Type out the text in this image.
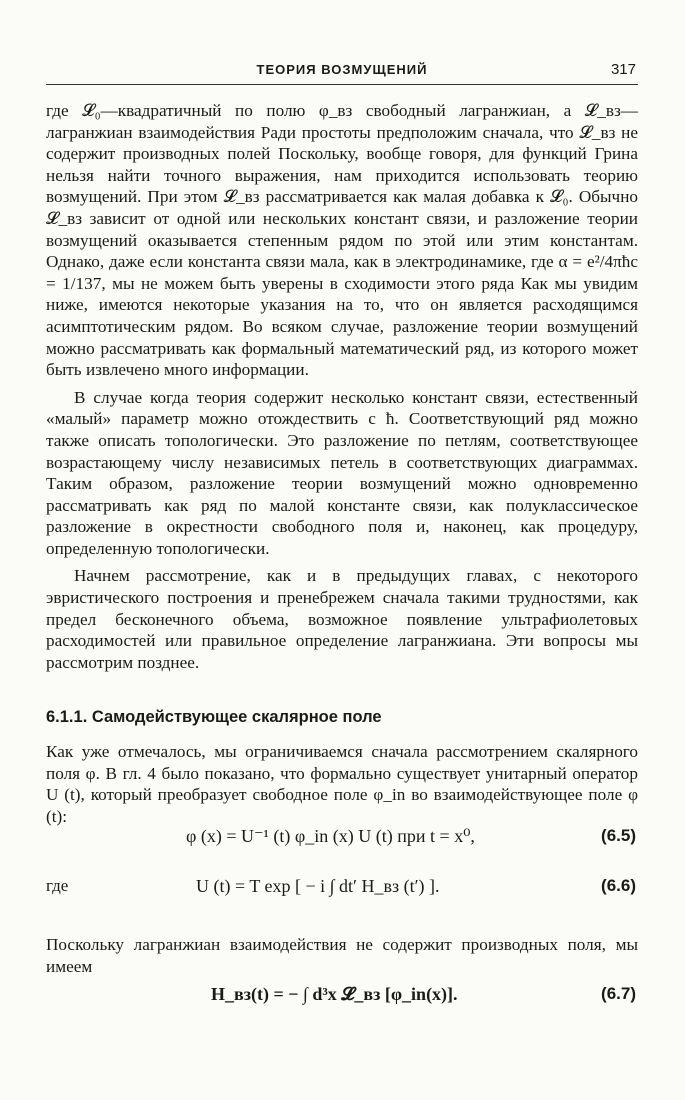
ТЕОРИЯ ВОЗМУЩЕНИЙ	317

где 𝓛₀—квадратичный по полю φ_вз свободный лагранжиан, а 𝓛_вз—лагранжиан взаимодействия Ради простоты предположим сначала, что 𝓛_вз не содержит производных полей Поскольку, вообще говоря, для функций Грина нельзя найти точного выражения, нам приходится использовать теорию возмущений. При этом 𝓛_вз рассматривается как малая добавка к 𝓛₀. Обычно 𝓛_вз зависит от одной или нескольких констант связи, и разложение теории возмущений оказывается степенным рядом по этой или этим константам. Однако, даже если константа связи мала, как в электродинамике, где α = e²/4πħc = 1/137, мы не можем быть уверены в сходимости этого ряда Как мы увидим ниже, имеются некоторые указания на то, что он является расходящимся асимптотическим рядом. Во всяком случае, разложение теории возмущений можно рассматривать как формальный математический ряд, из которого может быть извлечено много информации.

В случае когда теория содержит несколько констант связи, естественный «малый» параметр можно отождествить с ħ. Соответствующий ряд можно также описать топологически. Это разложение по петлям, соответствующее возрастающему числу независимых петель в соответствующих диаграммах. Таким образом, разложение теории возмущений можно одновременно рассматривать как ряд по малой константе связи, как полуклассическое разложение в окрестности свободного поля и, наконец, как процедуру, определенную топологически.

Начнем рассмотрение, как и в предыдущих главах, с некоторого эвристического построения и пренебрежем сначала такими трудностями, как предел бесконечного объема, возможное появление ультрафиолетовых расходимостей или правильное определение лагранжиана. Эти вопросы мы рассмотрим позднее.

6.1.1. Самодействующее скалярное поле

Как уже отмечалось, мы ограничиваемся сначала рассмотрением скалярного поля φ. В гл. 4 было показано, что формально существует унитарный оператор U (t), который преобразует свободное поле φ_in во взаимодействующее поле φ (t):

φ (x) = U⁻¹ (t) φ_in (x) U (t) при t = x⁰,	(6.5)
где	U (t) = T exp [ − i ∫ dt′ H_вз (t′) ].	(6.6)

Поскольку лагранжиан взаимодействия не содержит производных поля, мы имеем

H_вз(t) = − ∫ d³x 𝓛_вз [φ_in(x)].	(6.7)
